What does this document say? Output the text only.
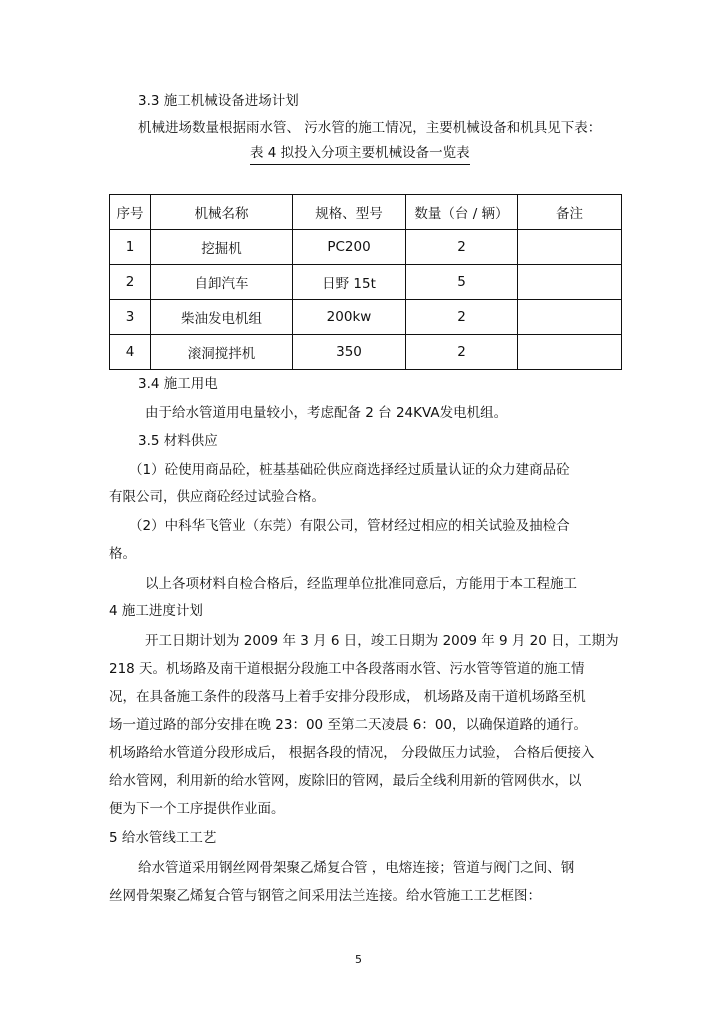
3.3 施工机械设备进场计划
机械进场数量根据雨水管、 污水管的施工情况，主要机械设备和机具见下表：
表 4 拟投入分项主要机械设备一览表
序号	机械名称	规格、型号	数量（台 / 辆）	备注
1	挖掘机	PC200	2	
2	自卸汽车	日野 15t	5	
3	柴油发电机组	200kw	2	
4	滚洞搅拌机	350	2	
3.4 施工用电
由于给水管道用电量较小，考虑配备 2 台 24KVA发电机组。
3.5 材料供应
（1）砼使用商品砼，桩基基础砼供应商选择经过质量认证的众力建商品砼
有限公司，供应商砼经过试验合格。
（2）中科华飞管业（东莞）有限公司，管材经过相应的相关试验及抽检合
格。
以上各项材料自检合格后，经监理单位批准同意后，方能用于本工程施工
4 施工进度计划
开工日期计划为 2009 年 3 月 6 日，竣工日期为 2009 年 9 月 20 日，工期为
218 天。机场路及南干道根据分段施工中各段落雨水管、污水管等管道的施工情
况，在具备施工条件的段落马上着手安排分段形成， 机场路及南干道机场路至机
场一道过路的部分安排在晚 23：00 至第二天凌晨 6：00，以确保道路的通行。
机场路给水管道分段形成后， 根据各段的情况， 分段做压力试验， 合格后便接入
给水管网，利用新的给水管网，废除旧的管网，最后全线利用新的管网供水，以
便为下一个工序提供作业面。
5 给水管线工工艺
给水管道采用钢丝网骨架聚乙烯复合管 ，电熔连接；管道与阀门之间、钢
丝网骨架聚乙烯复合管与钢管之间采用法兰连接。给水管施工工艺框图：
5
